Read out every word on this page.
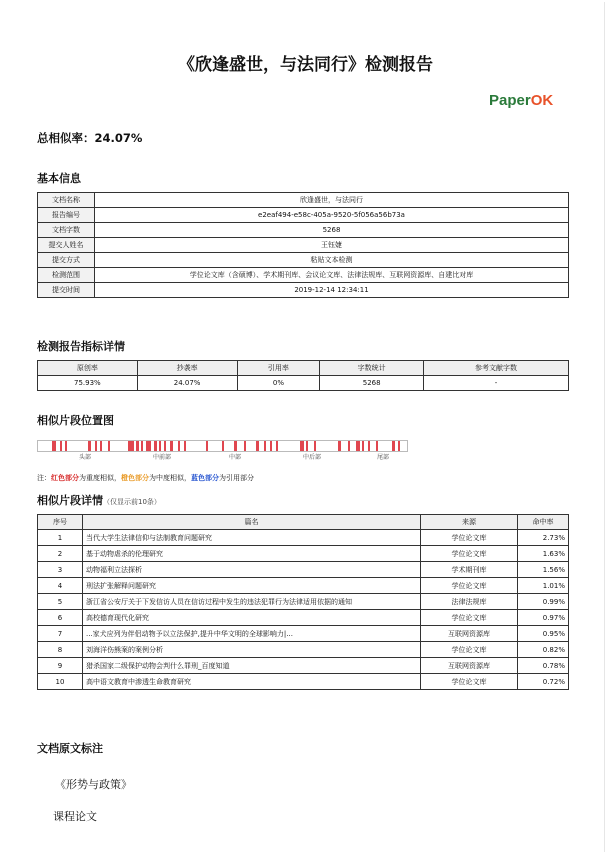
《欣逢盛世，与法同行》检测报告
PaperOK
总相似率：24.07%
基本信息
文档名称	欣逢盛世，与法同行
报告编号	e2eaf494-e58c-405a-9520-5f056a56b73a
文档字数	5268
提交人姓名	王钰婕
提交方式	粘贴文本检测
检测范围	学位论文库（含硕博）、学术期刊库、会议论文库、法律法规库、互联网资源库、自建比对库
提交时间	2019-12-14 12:34:11
检测报告指标详情
原创率	抄袭率	引用率	字数统计	参考文献字数
75.93%	24.07%	0%	5268	-
相似片段位置图
头部	中前部	中部	中后部	尾部
注：红色部分为重度相似，橙色部分为中度相似，蓝色部分为引用部分
相似片段详情（仅显示前10条）
序号	篇名	来源	命中率
1	当代大学生法律信仰与法制教育问题研究	学位论文库	2.73%
2	基于动物虐杀的伦理研究	学位论文库	1.63%
3	动物福利立法探析	学术期刊库	1.56%
4	刑法扩张解释问题研究	学位论文库	1.01%
5	浙江省公安厅关于下发信访人员在信访过程中发生的违法犯罪行为法律适用依据的通知	法律法规库	0.99%
6	高校德育现代化研究	学位论文库	0.97%
7	...家犬应列为伴侣动物予以立法保护,提升中华文明的全球影响力|...	互联网资源库	0.95%
8	刘海洋伤熊案的案例分析	学位论文库	0.82%
9	猎杀国家二级保护动物会判什么罪刑_百度知道	互联网资源库	0.78%
10	高中语文教育中渗透生命教育研究	学位论文库	0.72%
文档原文标注
《形势与政策》
课程论文
